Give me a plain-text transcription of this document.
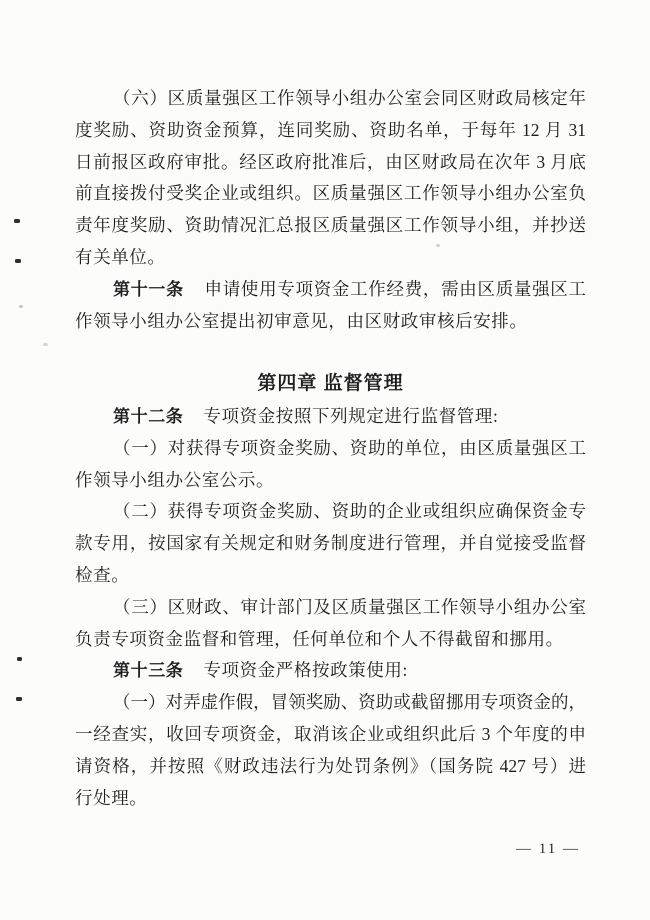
（六）区质量强区工作领导小组办公室会同区财政局核定年
度奖励、资助资金预算，连同奖励、资助名单，于每年 12 月 31
日前报区政府审批。经区政府批准后，由区财政局在次年 3 月底
前直接拨付受奖企业或组织。区质量强区工作领导小组办公室负
责年度奖励、资助情况汇总报区质量强区工作领导小组，并抄送
有关单位。
第十一条 申请使用专项资金工作经费，需由区质量强区工
作领导小组办公室提出初审意见，由区财政审核后安排。
第四章 监督管理
第十二条 专项资金按照下列规定进行监督管理:
（一）对获得专项资金奖励、资助的单位，由区质量强区工
作领导小组办公室公示。
（二）获得专项资金奖励、资助的企业或组织应确保资金专
款专用，按国家有关规定和财务制度进行管理，并自觉接受监督
检查。
（三）区财政、审计部门及区质量强区工作领导小组办公室
负责专项资金监督和管理，任何单位和个人不得截留和挪用。
第十三条 专项资金严格按政策使用:
（一）对弄虚作假，冒领奖励、资助或截留挪用专项资金的，
一经查实，收回专项资金，取消该企业或组织此后 3 个年度的申
请资格，并按照《财政违法行为处罚条例》（国务院 427 号）进
行处理。
— 11 —
